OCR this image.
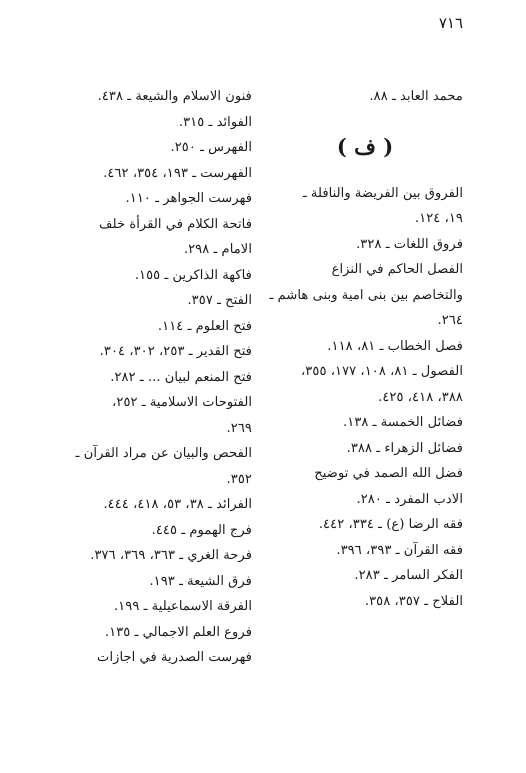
٧١٦
محمد العابد ـ ٨٨.
( ف )
الفروق بين الفريضة والنافلة ـ
١٩، ١٢٤.
فروق اللغات ـ ٣٢٨.
الفصل الحاكم في النزاع
والتخاصم بين بنى امية وبنى هاشم ـ
٢٦٤.
فصل الخطاب ـ ٨١، ١١٨.
الفصول ـ ٨١، ١٠٨، ١٧٧، ٣٥٥،
٣٨٨، ٤١٨، ٤٢٥.
فضائل الخمسة ـ ١٣٨.
فضائل الزهراء ـ ٣٨٨.
فضل الله الصمد في توضيح
الادب المفرد ـ ٢٨٠.
فقه الرضا (ع) ـ ٣٣٤، ٤٤٢.
فقه القرآن ـ ٣٩٣، ٣٩٦.
الفكر السامر ـ ٢٨٣.
الفلاح ـ ٣٥٧، ٣٥٨.
فنون الاسلام والشيعة ـ ٤٣٨.
الفوائد ـ ٣١٥.
الفهرس ـ ٢٥٠.
الفهرست ـ ١٩٣، ٣٥٤، ٤٦٢.
فهرست الجواهر ـ ١١٠.
فاتحة الكلام في القرأة خلف
الامام ـ ٢٩٨.
فاكهة الذاكرين ـ ١٥٥.
الفتح ـ ٣٥٧.
فتح العلوم ـ ١١٤.
فتح القدير ـ ٢٥٣، ٣٠٢، ٣٠٤.
فتح المنعم لبيان ... ـ ٢٨٢.
الفتوحات الاسلامية ـ ٢٥٢،
٢٦٩.
الفحص والبيان عن مراد القرآن ـ
٣٥٢.
الفرائد ـ ٣٨، ٥٣، ٤١٨، ٤٤٤.
فرج الهموم ـ ٤٤٥.
فرحة الغري ـ ٣٦٣، ٣٦٩، ٣٧٦.
فرق الشيعة ـ ١٩٣.
الفرقة الاسماعيلية ـ ١٩٩.
فروع العلم الاجمالي ـ ١٣٥.
فهرست الصدرية في اجازات
